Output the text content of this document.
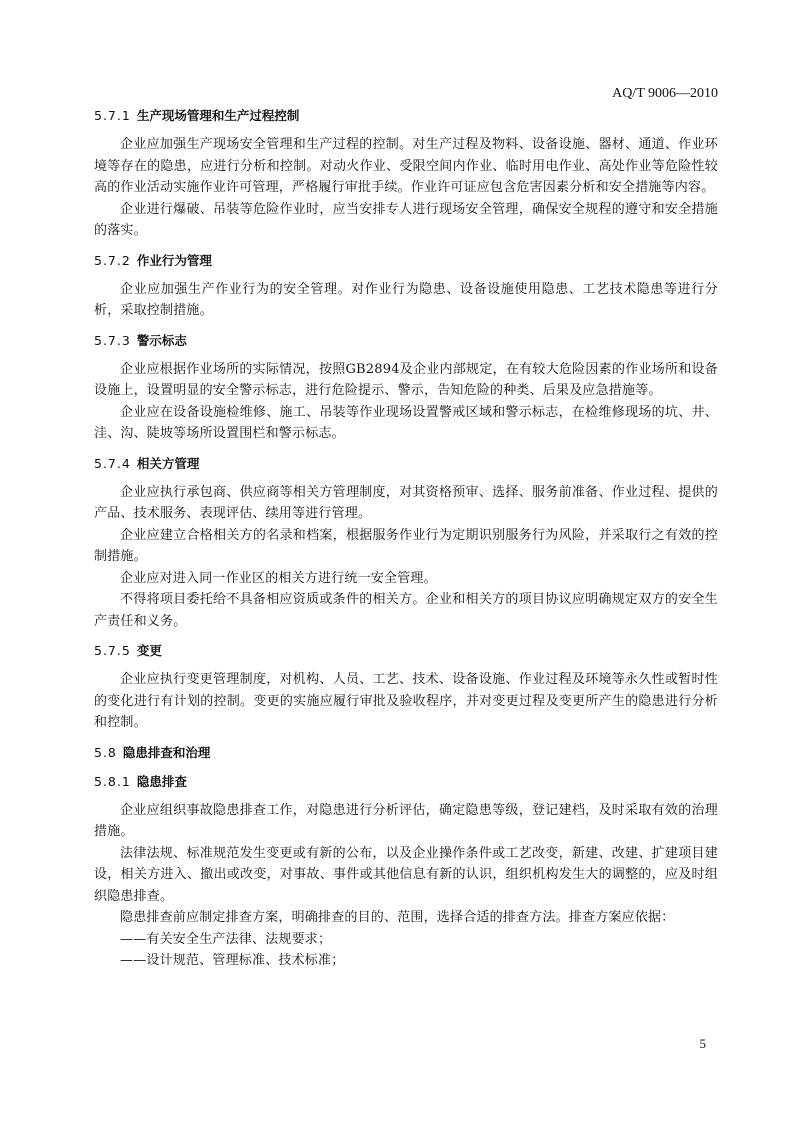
AQ/T 9006—2010
5.7.1 生产现场管理和生产过程控制

企业应加强生产现场安全管理和生产过程的控制。对生产过程及物料、设备设施、器材、通道、作业环境等存在的隐患，应进行分析和控制。对动火作业、受限空间内作业、临时用电作业、高处作业等危险性较高的作业活动实施作业许可管理，严格履行审批手续。作业许可证应包含危害因素分析和安全措施等内容。

企业进行爆破、吊装等危险作业时，应当安排专人进行现场安全管理，确保安全规程的遵守和安全措施的落实。

5.7.2 作业行为管理

企业应加强生产作业行为的安全管理。对作业行为隐患、设备设施使用隐患、工艺技术隐患等进行分析，采取控制措施。

5.7.3 警示标志

企业应根据作业场所的实际情况，按照GB2894及企业内部规定，在有较大危险因素的作业场所和设备设施上，设置明显的安全警示标志，进行危险提示、警示，告知危险的种类、后果及应急措施等。

企业应在设备设施检维修、施工、吊装等作业现场设置警戒区域和警示标志，在检维修现场的坑、井、洼、沟、陡坡等场所设置围栏和警示标志。

5.7.4 相关方管理

企业应执行承包商、供应商等相关方管理制度，对其资格预审、选择、服务前准备、作业过程、提供的产品、技术服务、表现评估、续用等进行管理。

企业应建立合格相关方的名录和档案，根据服务作业行为定期识别服务行为风险，并采取行之有效的控制措施。

企业应对进入同一作业区的相关方进行统一安全管理。

不得将项目委托给不具备相应资质或条件的相关方。企业和相关方的项目协议应明确规定双方的安全生产责任和义务。

5.7.5 变更

企业应执行变更管理制度，对机构、人员、工艺、技术、设备设施、作业过程及环境等永久性或暂时性的变化进行有计划的控制。变更的实施应履行审批及验收程序，并对变更过程及变更所产生的隐患进行分析和控制。

5.8 隐患排查和治理
5.8.1 隐患排查

企业应组织事故隐患排查工作，对隐患进行分析评估，确定隐患等级，登记建档，及时采取有效的治理措施。

法律法规、标准规范发生变更或有新的公布，以及企业操作条件或工艺改变，新建、改建、扩建项目建设，相关方进入、撤出或改变，对事故、事件或其他信息有新的认识，组织机构发生大的调整的，应及时组织隐患排查。

隐患排查前应制定排查方案，明确排查的目的、范围，选择合适的排查方法。排查方案应依据：

——有关安全生产法律、法规要求；

——设计规范、管理标准、技术标准；

5
